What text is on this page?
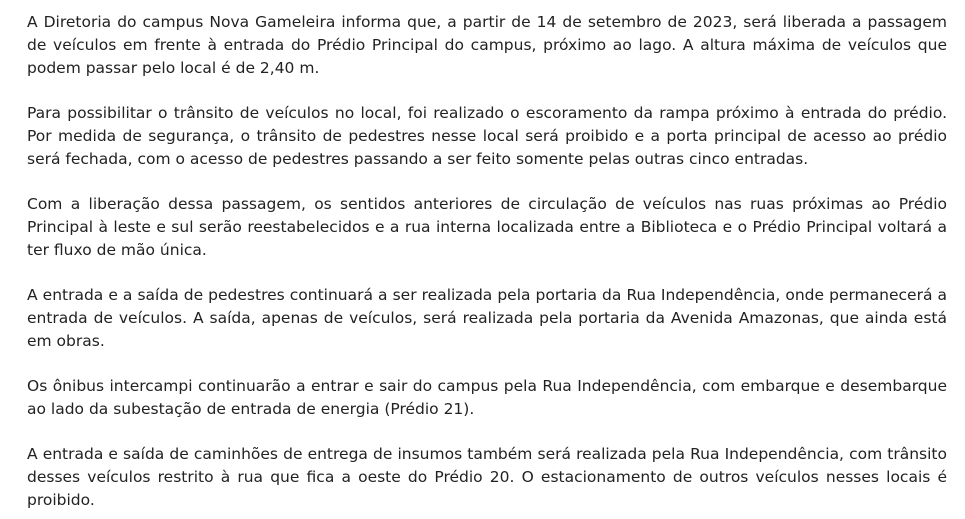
A Diretoria do campus Nova Gameleira informa que, a partir de 14 de setembro de 2023, será liberada a passagem de veículos em frente à entrada do Prédio Principal do campus, próximo ao lago. A altura máxima de veículos que podem passar pelo local é de 2,40 m.

Para possibilitar o trânsito de veículos no local, foi realizado o escoramento da rampa próximo à entrada do prédio. Por medida de segurança, o trânsito de pedestres nesse local será proibido e a porta principal de acesso ao prédio será fechada, com o acesso de pedestres passando a ser feito somente pelas outras cinco entradas.

Com a liberação dessa passagem, os sentidos anteriores de circulação de veículos nas ruas próximas ao Prédio Principal à leste e sul serão reestabelecidos e a rua interna localizada entre a Biblioteca e o Prédio Principal voltará a ter fluxo de mão única.

A entrada e a saída de pedestres continuará a ser realizada pela portaria da Rua Independência, onde permanecerá a entrada de veículos. A saída, apenas de veículos, será realizada pela portaria da Avenida Amazonas, que ainda está em obras.

Os ônibus intercampi continuarão a entrar e sair do campus pela Rua Independência, com embarque e desembarque ao lado da subestação de entrada de energia (Prédio 21).

A entrada e saída de caminhões de entrega de insumos também será realizada pela Rua Independência, com trânsito desses veículos restrito à rua que fica a oeste do Prédio 20. O estacionamento de outros veículos nesses locais é proibido.
